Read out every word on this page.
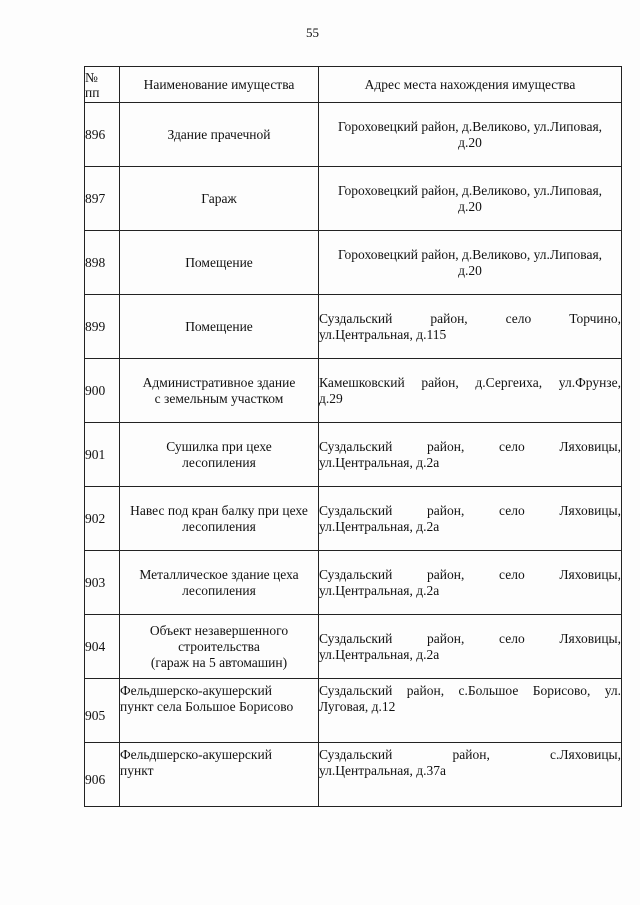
55
№
пп	Наименование имущества	Адрес места нахождения имущества
896	Здание прачечной	Гороховецкий район, д.Великово, ул.Липовая,
д.20
897	Гараж	Гороховецкий район, д.Великово, ул.Липовая,
д.20
898	Помещение	Гороховецкий район, д.Великово, ул.Липовая,
д.20
899	Помещение	Суздальский район, село Торчино,
ул.Центральная, д.115

900	Административное здание
с земельным участком	Камешковский район, д.Сергеиха, ул.Фрунзе,
д.29

901	Сушилка при цехе
лесопиления	Суздальский район, село Ляховицы,
ул.Центральная, д.2а

902	Навес под кран балку при цехе
лесопиления	Суздальский район, село Ляховицы,
ул.Центральная, д.2а

903	Металлическое здание цеха
лесопиления	Суздальский район, село Ляховицы,
ул.Центральная, д.2а

904	Объект незавершенного
строительства
(гараж на 5 автомашин)	Суздальский район, село Ляховицы,
ул.Центральная, д.2а

905	Фельдшерско-акушерский
пункт села Большое Борисово	Суздальский район, с.Большое Борисово, ул.
Луговая, д.12

906	Фельдшерско-акушерский
пункт	Суздальский район, с.Ляховицы,
ул.Центральная, д.37а
